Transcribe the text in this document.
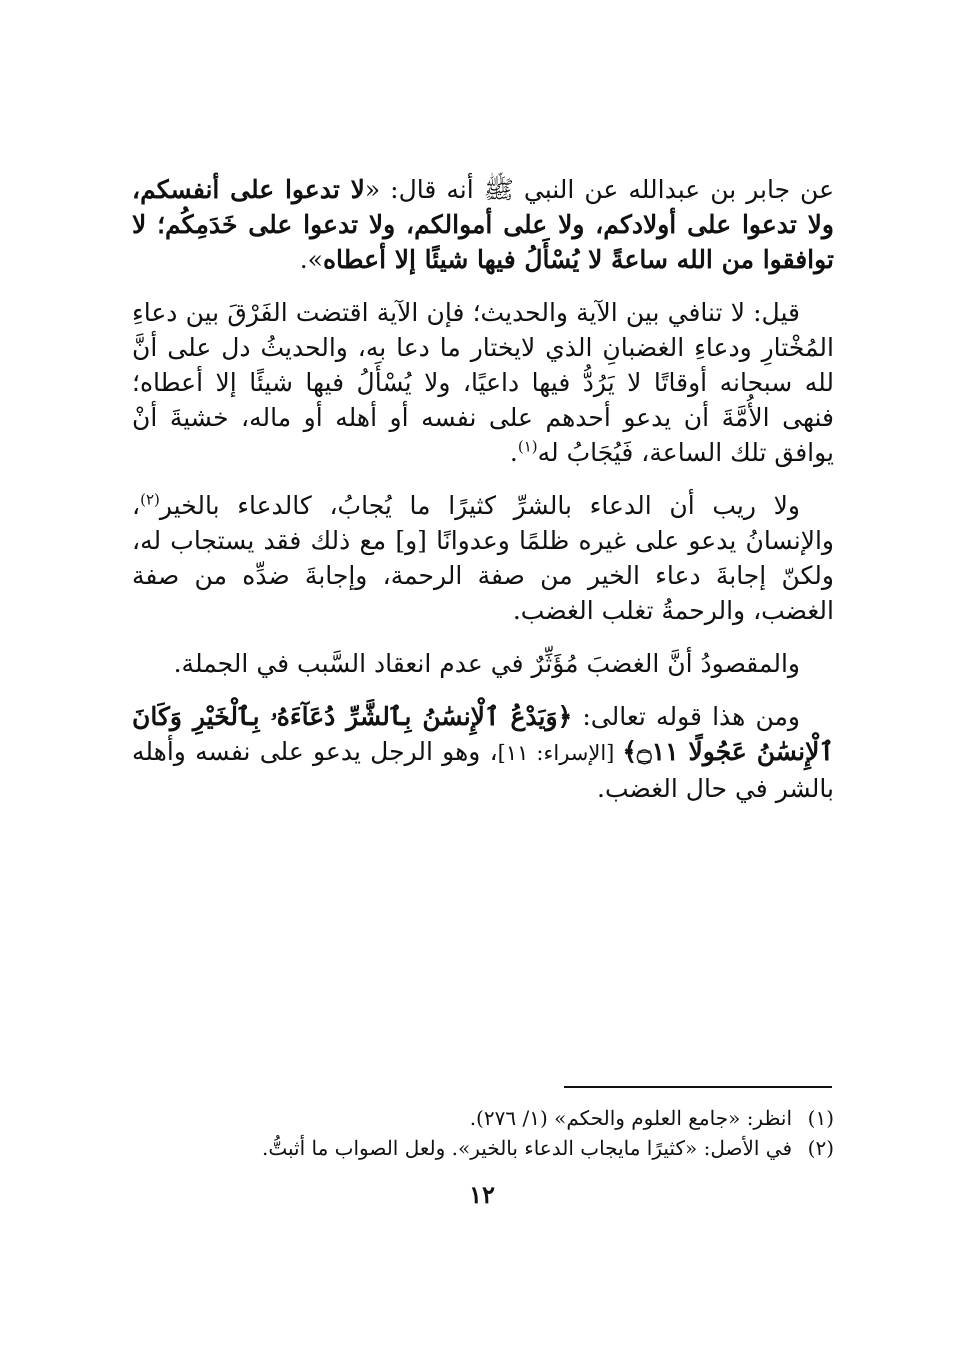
عن جابر بن عبدالله عن النبي ﷺ أنه قال: «لا تدعوا على أنفسكم، ولا تدعوا على أولادكم، ولا على أموالكم، ولا تدعوا على خَدَمِكُم؛ لا توافقوا من الله ساعةً لا يُسْأَلُ فيها شيئًا إلا أعطاه».

قيل: لا تنافي بين الآية والحديث؛ فإن الآية اقتضت الفَرْقَ بين دعاءِ المُخْتارِ ودعاءِ الغضبانِ الذي لايختار ما دعا به، والحديثُ دل على أنَّ لله سبحانه أوقاتًا لا يَرُدُّ فيها داعيًا، ولا يُسْأَلُ فيها شيئًا إلا أعطاه؛ فنهى الأُمَّةَ أن يدعو أحدهم على نفسه أو أهله أو ماله، خشيةَ أنْ يوافق تلك الساعة، فَيُجَابُ له$^{(١)}$.

ولا ريب أن الدعاء بالشرِّ كثيرًا ما يُجابُ، كالدعاء بالخير$^{(٢)}$، والإنسانُ يدعو على غيره ظلمًا وعدوانًا [و] مع ذلك فقد يستجاب له، ولكنّ إجابةَ دعاء الخير من صفة الرحمة، وإجابةَ ضدِّه من صفة الغضب، والرحمةُ تغلب الغضب.

والمقصودُ أنَّ الغضبَ مُؤَثِّرٌ في عدم انعقاد السَّبب في الجملة.

ومن هذا قوله تعالى: ﴿وَيَدْعُ ٱلْإِنسَٰنُ بِٱلشَّرِّ دُعَآءَهُۥ بِٱلْخَيْرِ وَكَانَ ٱلْإِنسَٰنُ عَجُولًا ۝١١﴾ [الإسراء: ١١]، وهو الرجل يدعو على نفسه وأهله بالشر في حال الغضب.

(١)
انظر: «جامع العلوم والحكم» (١/ ٢٧٦).
(٢)
في الأصل: «كثيرًا مايجاب الدعاء بالخير». ولعل الصواب ما أثبتُّ.
١٢
